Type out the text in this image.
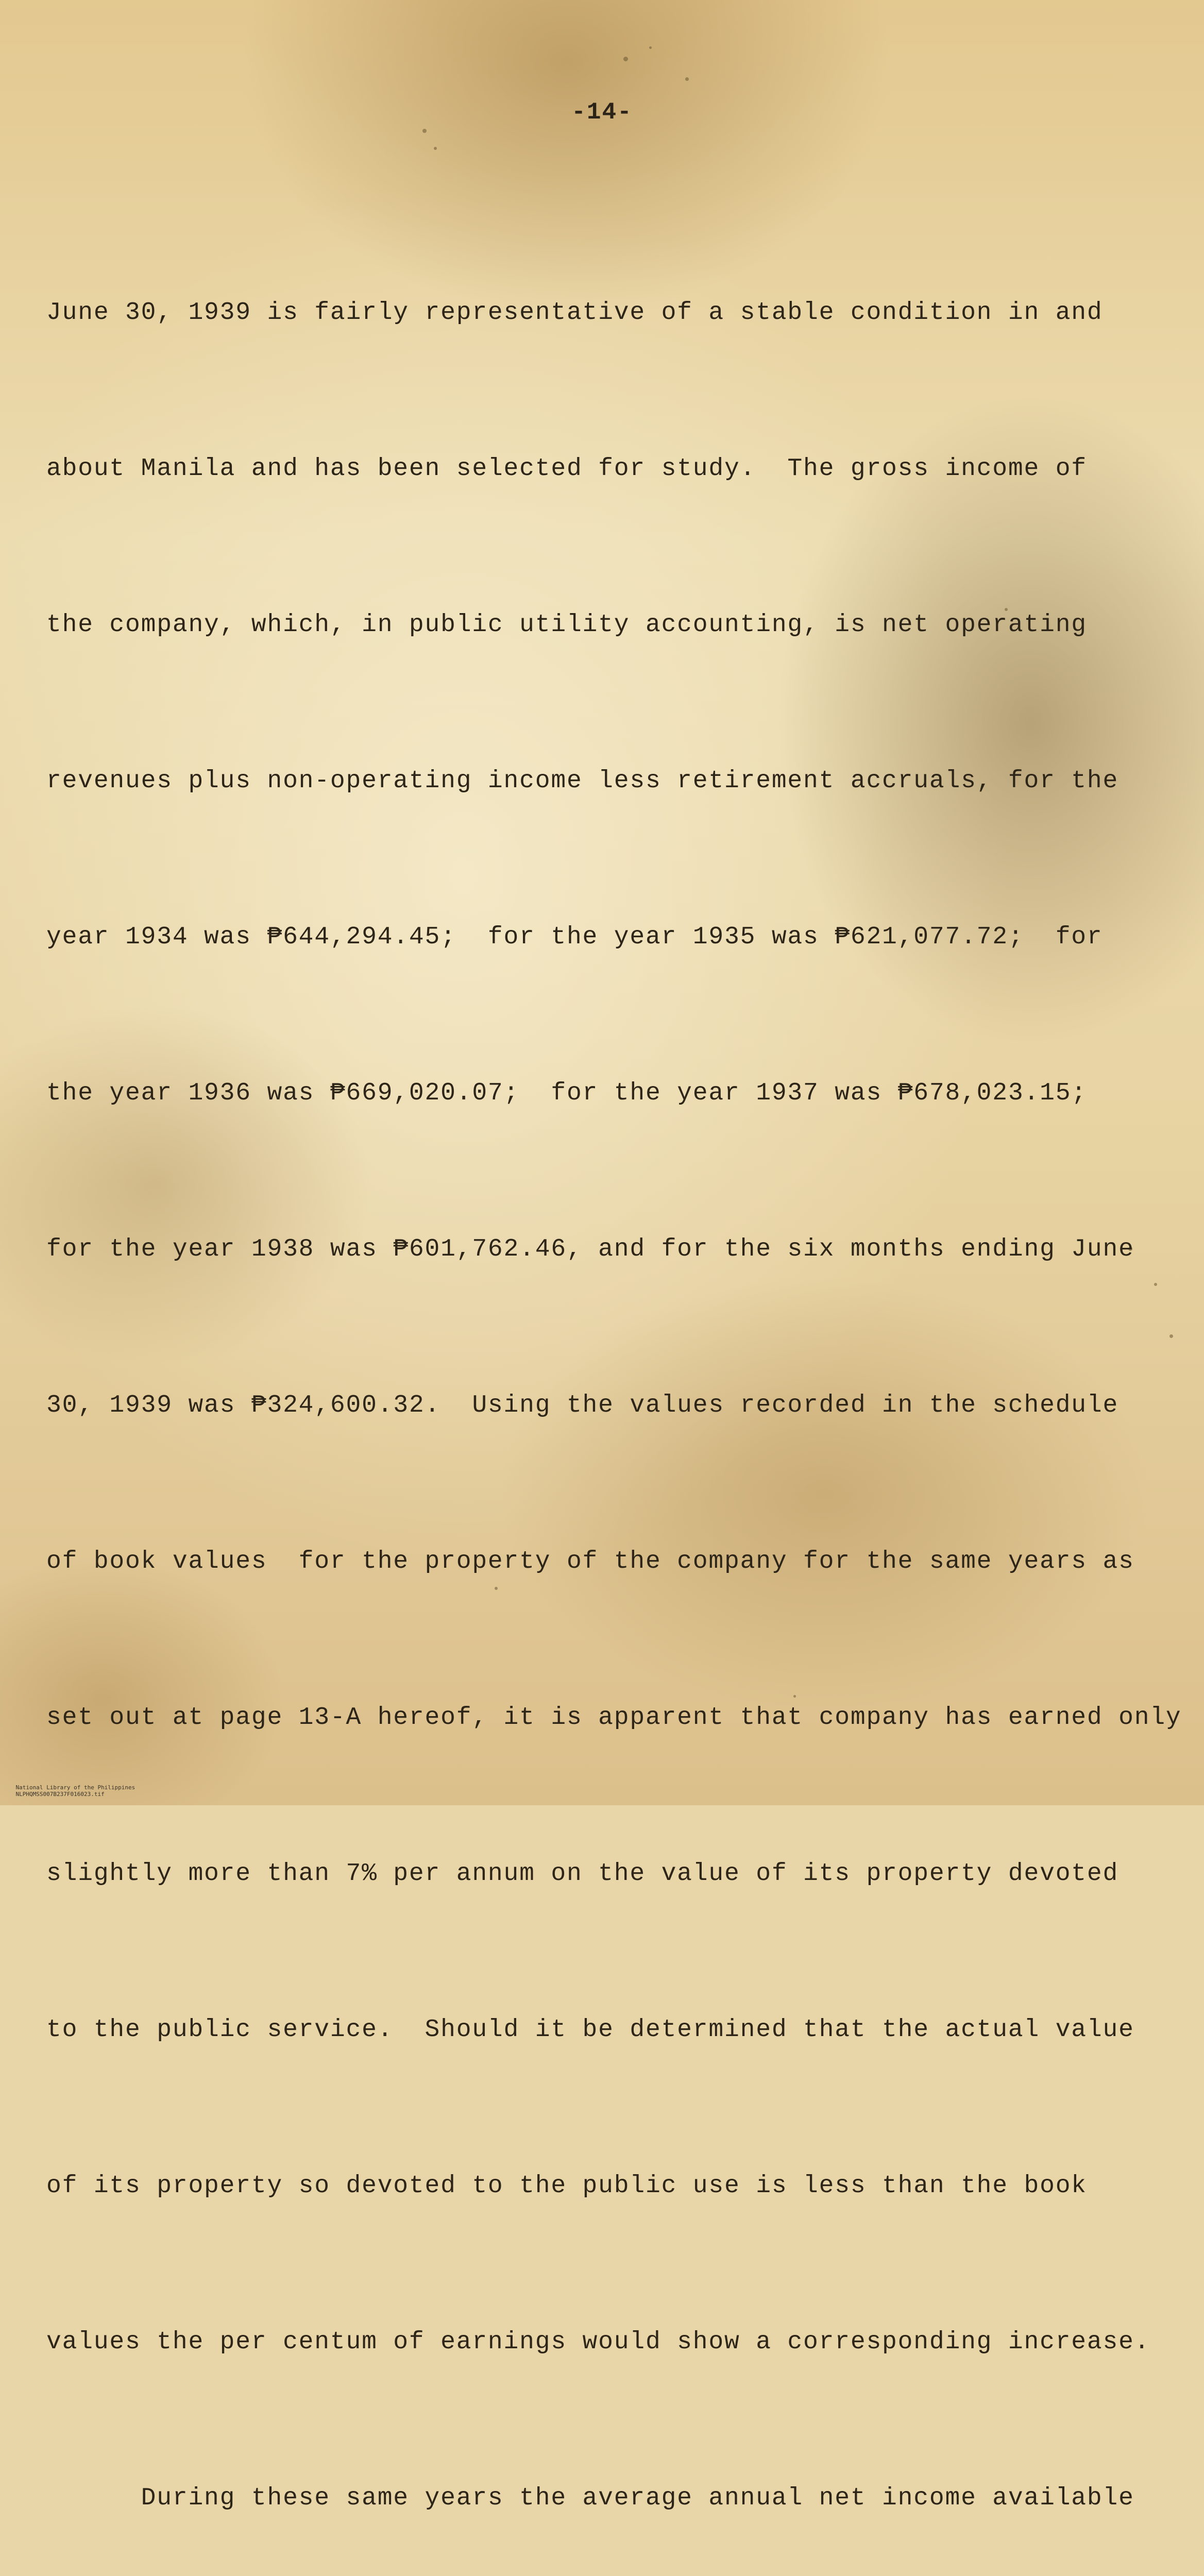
-14-

June 30, 1939 is fairly representative of a stable condition in and

about Manila and has been selected for study.  The gross income of

the company, which, in public utility accounting, is net operating

revenues plus non-operating income less retirement accruals, for the

year 1934 was ₱644,294.45;  for the year 1935 was ₱621,077.72;  for

the year 1936 was ₱669,020.07;  for the year 1937 was ₱678,023.15;

for the year 1938 was ₱601,762.46, and for the six months ending June

30, 1939 was ₱324,600.32.  Using the values recorded in the schedule

of book values  for the property of the company for the same years as

set out at page 13-A hereof, it is apparent that company has earned only

slightly more than 7% per annum on the value of its property devoted

to the public service.  Should it be determined that the actual value

of its property so devoted to the public use is less than the book

values the per centum of earnings would show a corresponding increase.

During these same years the average annual net income available

National Library of the Philippines
NLPHQMSS007B237F016023.tif
